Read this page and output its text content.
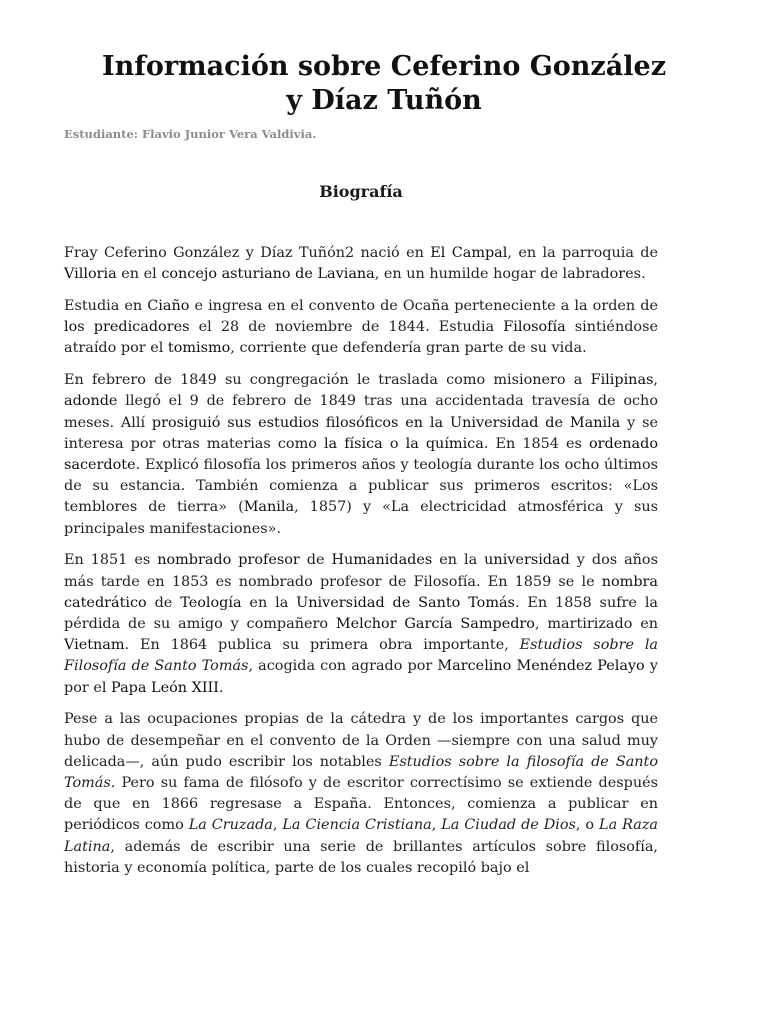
Información sobre Ceferino González
y Díaz Tuñón
Estudiante: Flavio Junior Vera Valdivia.
Biografía

Fray Ceferino González y Díaz Tuñón2 nació en El Campal, en la parroquia de Villoria en el concejo asturiano de Laviana, en un humilde hogar de labradores.

Estudia en Ciaño e ingresa en el convento de Ocaña perteneciente a la orden de los predicadores el 28 de noviembre de 1844. Estudia Filosofía sintiéndose atraído por el tomismo, corriente que defendería gran parte de su vida.

En febrero de 1849 su congregación le traslada como misionero a Filipinas, adonde llegó el 9 de febrero de 1849 tras una accidentada travesía de ocho meses. Allí prosiguió sus estudios filosóficos en la Universidad de Manila y se interesa por otras materias como la física o la química. En 1854 es ordenado sacerdote. Explicó filosofía los primeros años y teología durante los ocho últimos de su estancia. También comienza a publicar sus primeros escritos: «Los temblores de tierra» (Manila, 1857) y «La electricidad atmosférica y sus principales manifestaciones».

En 1851 es nombrado profesor de Humanidades en la universidad y dos años más tarde en 1853 es nombrado profesor de Filosofía. En 1859 se le nombra catedrático de Teología en la Universidad de Santo Tomás. En 1858 sufre la pérdida de su amigo y compañero Melchor García Sampedro, martirizado en Vietnam. En 1864 publica su primera obra importante, Estudios sobre la Filosofía de Santo Tomás, acogida con agrado por Marcelino Menéndez Pelayo y por el Papa León XIII.

Pese a las ocupaciones propias de la cátedra y de los importantes cargos que hubo de desempeñar en el convento de la Orden —siempre con una salud muy delicada—, aún pudo escribir los notables Estudios sobre la filosofía de Santo Tomás. Pero su fama de filósofo y de escritor correctísimo se extiende después de que en 1866 regresase a España. Entonces, comienza a publicar en periódicos como La Cruzada, La Ciencia Cristiana, La Ciudad de Dios, o La Raza Latina, además de escribir una serie de brillantes artículos sobre filosofía, historia y economía política, parte de los cuales recopiló bajo el
